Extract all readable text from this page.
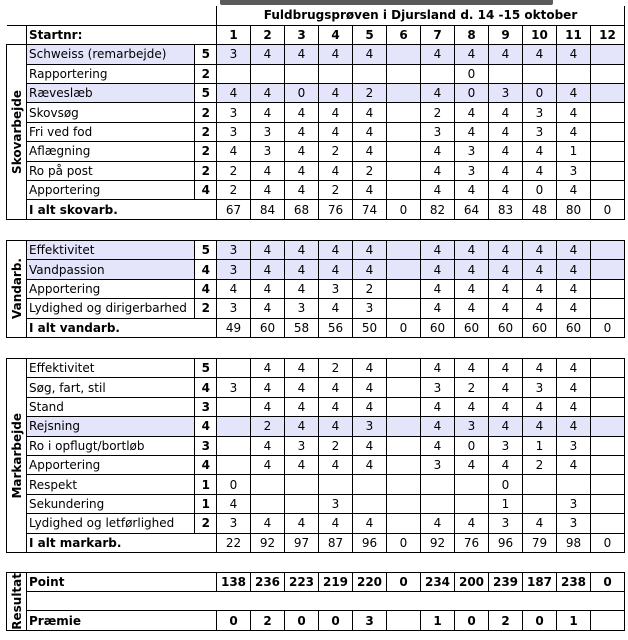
			Fuldbrugsprøven i Djursland d. 14 -15 oktober											
	Startnr:		1	2	3	4	5	6	7	8	9	10	11	12

Skovarbejde	Schweiss (remarbejde)	5	3	4	4	4	4		4	4	4	4	4	
	Rapportering	2								0				
	Ræveslæb	5	4	4	0	4	2		4	0	3	0	4	
	Skovsøg	2	3	4	4	4	4		2	4	4	3	4	
	Fri ved fod	2	3	3	4	4	4		3	4	4	3	4	
	Aflægning	2	4	3	4	2	4		4	3	4	4	1	
	Ro på post	2	2	4	4	4	2		4	3	4	4	3	
	Apportering	4	2	4	4	2	4		4	4	4	0	4	
	I alt skovarb.		67	84	68	76	74	0	82	64	83	48	80	0
Vandarb.	Effektivitet	5	3	4	4	4	4		4	4	4	4	4	
	Vandpassion	4	3	4	4	4	4		4	4	4	4	4	
	Apportering	4	4	4	4	3	2		4	4	4	4	4	
	Lydighed og dirigerbarhed	2	3	4	3	4	3		4	4	4	4	4	
	I alt vandarb.		49	60	58	56	50	0	60	60	60	60	60	0
Markarbejde	Effektivitet	5		4	4	2	4		4	4	4	4	4	
	Søg, fart, stil	4	3	4	4	4	4		3	2	4	3	4	
	Stand	3		4	4	4	4		4	4	4	4	4	
	Rejsning	4		2	4	4	3		4	3	4	4	4	
	Ro i opflugt/bortløb	3		4	3	2	4		4	0	3	1	3	
	Apportering	4		4	4	4	4		3	4	4	2	4	
	Respekt	1	0								0			
	Sekundering	1	4			3					1		3	
	Lydighed og letførlighed	2	3	4	4	4	4		4	4	3	4	3	
	I alt markarb.		22	92	97	87	96	0	92	76	96	79	98	0
Resultat	Point	138	236	223	219	220	0	234	200	239	187	238	0

	Præmie	0	2	0	0	3		1	0	2	0	1	
